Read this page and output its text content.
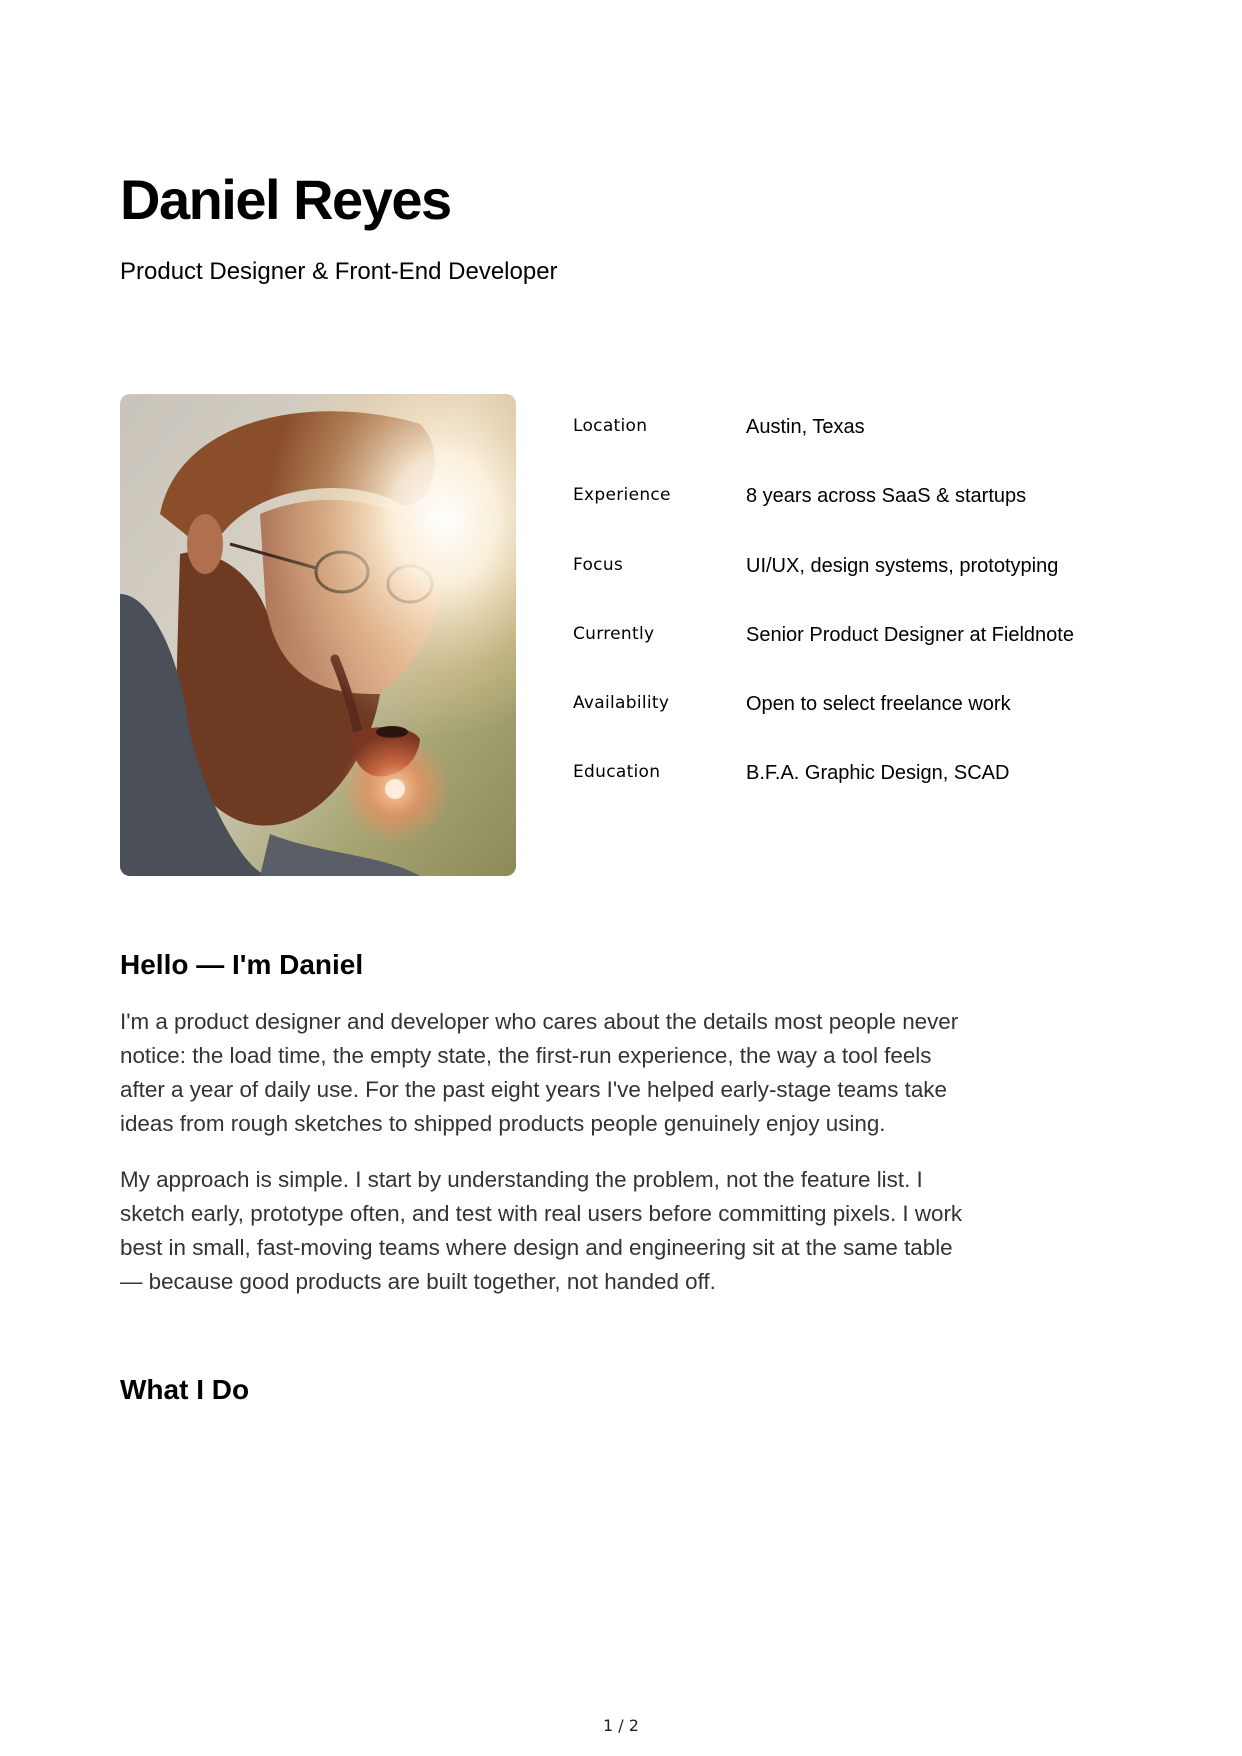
Daniel Reyes
Product Designer & Front-End Developer
Location	Austin, Texas
Experience	8 years across SaaS & startups
Focus	UI/UX, design systems, prototyping
Currently	Senior Product Designer at Fieldnote
Availability	Open to select freelance work
Education	B.F.A. Graphic Design, SCAD
Hello — I'm Daniel

I'm a product designer and developer who cares about the details most people never notice: the load time, the empty state, the first-run experience, the way a tool feels after a year of daily use. For the past eight years I've helped early-stage teams take ideas from rough sketches to shipped products people genuinely enjoy using.

My approach is simple. I start by understanding the problem, not the feature list. I sketch early, prototype often, and test with real users before committing pixels. I work best in small, fast-moving teams where design and engineering sit at the same table — because good products are built together, not handed off.

What I Do
1 / 2
